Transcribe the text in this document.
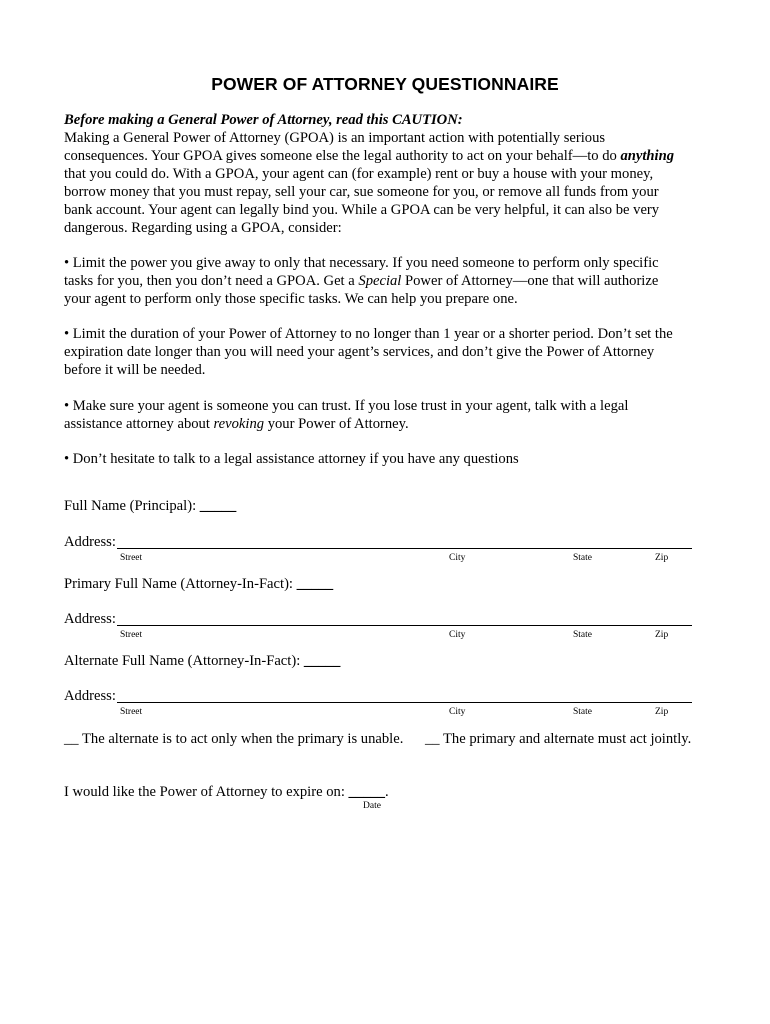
POWER OF ATTORNEY QUESTIONNAIRE
Before making a General Power of Attorney, read this CAUTION:
Making a General Power of Attorney (GPOA) is an important action with potentially serious
consequences. Your GPOA gives someone else the legal authority to act on your behalf—to do anything
that you could do. With a GPOA, your agent can (for example) rent or buy a house with your money,
borrow money that you must repay, sell your car, sue someone for you, or remove all funds from your
bank account. Your agent can legally bind you. While a GPOA can be very helpful, it can also be very
dangerous. Regarding using a GPOA, consider:
• Limit the power you give away to only that necessary. If you need someone to perform only specific
tasks for you, then you don’t need a GPOA. Get a Special Power of Attorney—one that will authorize
your agent to perform only those specific tasks. We can help you prepare one.
• Limit the duration of your Power of Attorney to no longer than 1 year or a shorter period. Don’t set the
expiration date longer than you will need your agent’s services, and don’t give the Power of Attorney
before it will be needed.
• Make sure your agent is someone you can trust. If you lose trust in your agent, talk with a legal
assistance attorney about revoking your Power of Attorney.
• Don’t hesitate to talk to a legal assistance attorney if you have any questions
Full Name (Principal): _____
Address:
Street	City	State	Zip
Primary Full Name (Attorney-In-Fact): _____
Address:
Street	City	State	Zip
Alternate Full Name (Attorney-In-Fact): _____
Address:
Street	City	State	Zip
__ The alternate is to act only when the primary is unable. __ The primary and alternate must act jointly.
I would like the Power of Attorney to expire on: _____.
Date
